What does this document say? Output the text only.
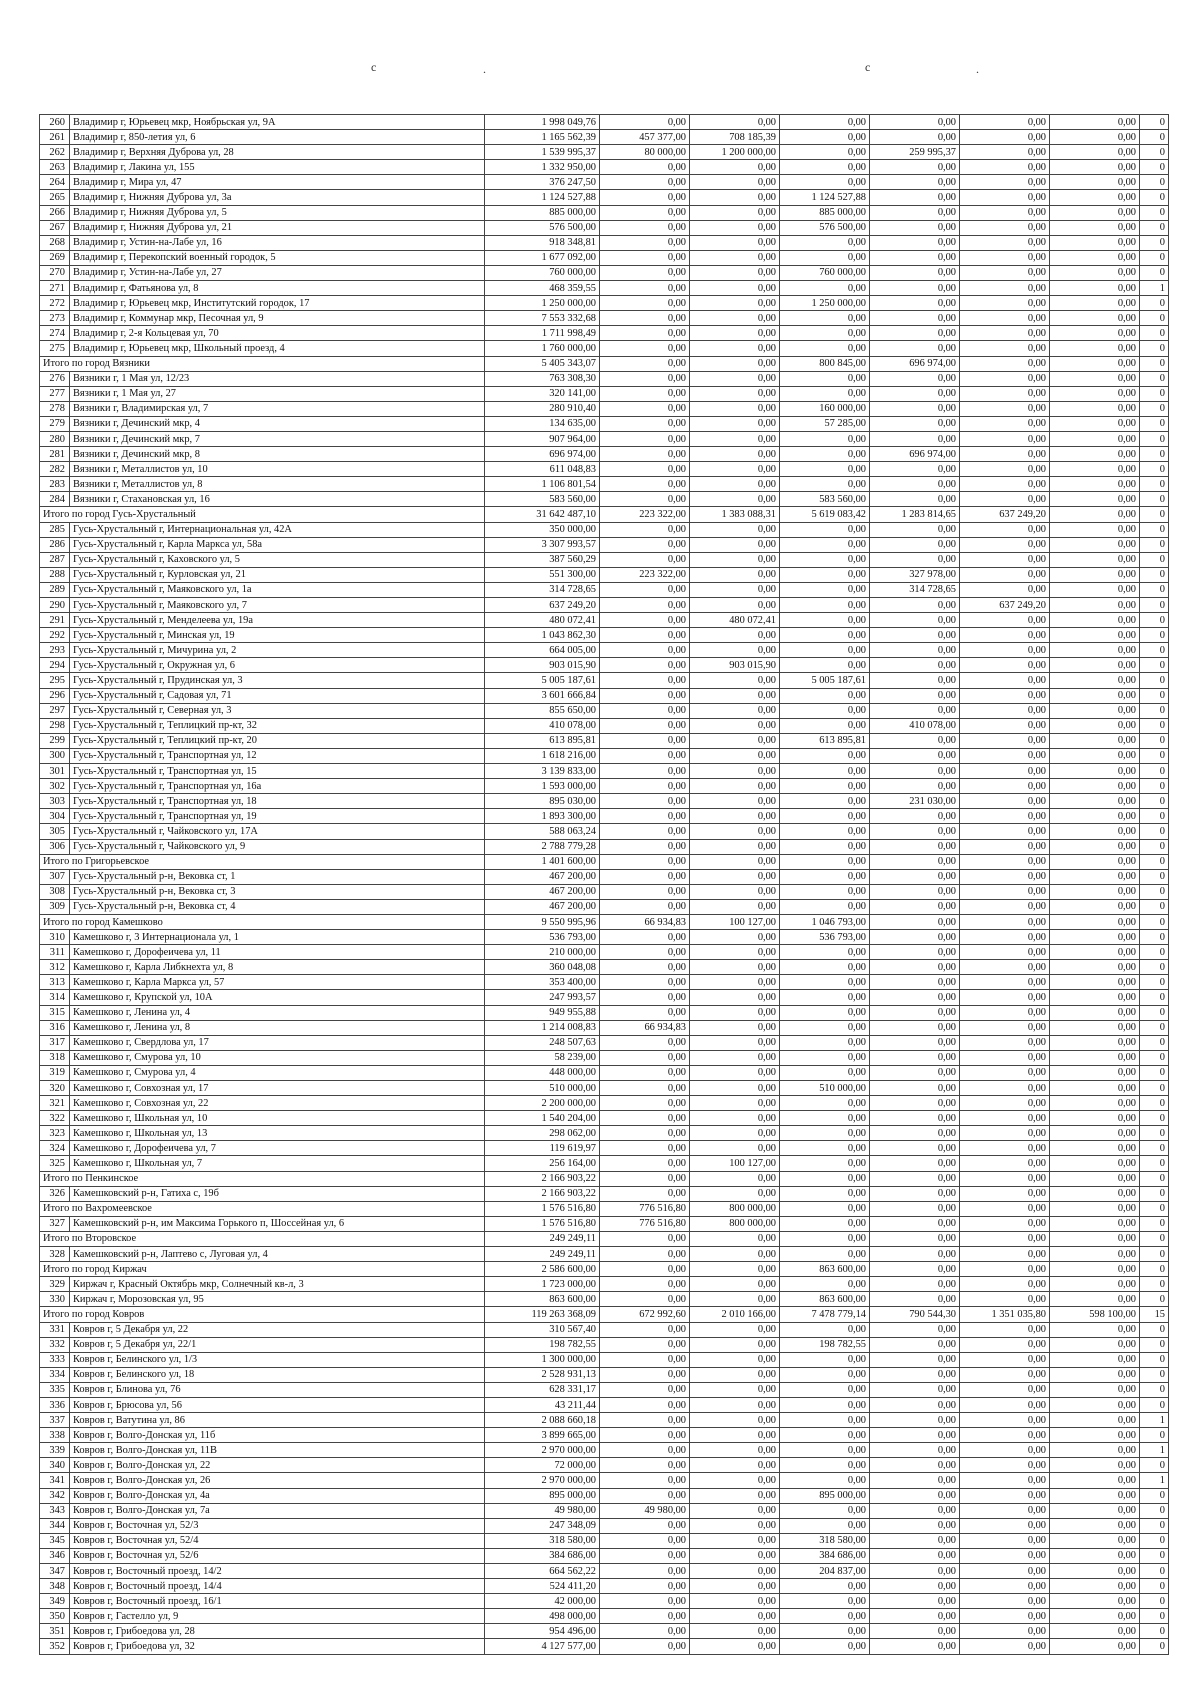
c	.	c	.
260	Владимир г, Юрьевец мкр, Ноябрьская ул, 9А	1 998 049,76	0,00	0,00	0,00	0,00	0,00	0,00	0
261	Владимир г, 850-летия ул, 6	1 165 562,39	457 377,00	708 185,39	0,00	0,00	0,00	0,00	0
262	Владимир г, Верхняя Дуброва ул, 28	1 539 995,37	80 000,00	1 200 000,00	0,00	259 995,37	0,00	0,00	0
263	Владимир г, Лакина ул, 155	1 332 950,00	0,00	0,00	0,00	0,00	0,00	0,00	0
264	Владимир г, Мира ул, 47	376 247,50	0,00	0,00	0,00	0,00	0,00	0,00	0
265	Владимир г, Нижняя Дуброва ул, 3а	1 124 527,88	0,00	0,00	1 124 527,88	0,00	0,00	0,00	0
266	Владимир г, Нижняя Дуброва ул, 5	885 000,00	0,00	0,00	885 000,00	0,00	0,00	0,00	0
267	Владимир г, Нижняя Дуброва ул, 21	576 500,00	0,00	0,00	576 500,00	0,00	0,00	0,00	0
268	Владимир г, Устин-на-Лабе ул, 16	918 348,81	0,00	0,00	0,00	0,00	0,00	0,00	0
269	Владимир г, Перекопский военный городок, 5	1 677 092,00	0,00	0,00	0,00	0,00	0,00	0,00	0
270	Владимир г, Устин-на-Лабе ул, 27	760 000,00	0,00	0,00	760 000,00	0,00	0,00	0,00	0
271	Владимир г, Фатьянова ул, 8	468 359,55	0,00	0,00	0,00	0,00	0,00	0,00	1
272	Владимир г, Юрьевец мкр, Институтский городок, 17	1 250 000,00	0,00	0,00	1 250 000,00	0,00	0,00	0,00	0
273	Владимир г, Коммунар мкр, Песочная ул, 9	7 553 332,68	0,00	0,00	0,00	0,00	0,00	0,00	0
274	Владимир г, 2-я Кольцевая ул, 70	1 711 998,49	0,00	0,00	0,00	0,00	0,00	0,00	0
275	Владимир г, Юрьевец мкр, Школьный проезд, 4	1 760 000,00	0,00	0,00	0,00	0,00	0,00	0,00	0
Итого по город Вязники		5 405 343,07	0,00	0,00	800 845,00	696 974,00	0,00	0,00	0
276	Вязники г, 1 Мая ул, 12/23	763 308,30	0,00	0,00	0,00	0,00	0,00	0,00	0
277	Вязники г, 1 Мая ул, 27	320 141,00	0,00	0,00	0,00	0,00	0,00	0,00	0
278	Вязники г, Владимирская ул, 7	280 910,40	0,00	0,00	160 000,00	0,00	0,00	0,00	0
279	Вязники г, Дечинский мкр, 4	134 635,00	0,00	0,00	57 285,00	0,00	0,00	0,00	0
280	Вязники г, Дечинский мкр, 7	907 964,00	0,00	0,00	0,00	0,00	0,00	0,00	0
281	Вязники г, Дечинский мкр, 8	696 974,00	0,00	0,00	0,00	696 974,00	0,00	0,00	0
282	Вязники г, Металлистов ул, 10	611 048,83	0,00	0,00	0,00	0,00	0,00	0,00	0
283	Вязники г, Металлистов ул, 8	1 106 801,54	0,00	0,00	0,00	0,00	0,00	0,00	0
284	Вязники г, Стахановская ул, 16	583 560,00	0,00	0,00	583 560,00	0,00	0,00	0,00	0
Итого по город Гусь-Хрустальный		31 642 487,10	223 322,00	1 383 088,31	5 619 083,42	1 283 814,65	637 249,20	0,00	0
285	Гусь-Хрустальный г, Интернациональная ул, 42А	350 000,00	0,00	0,00	0,00	0,00	0,00	0,00	0
286	Гусь-Хрустальный г, Карла Маркса ул, 58а	3 307 993,57	0,00	0,00	0,00	0,00	0,00	0,00	0
287	Гусь-Хрустальный г, Каховского ул, 5	387 560,29	0,00	0,00	0,00	0,00	0,00	0,00	0
288	Гусь-Хрустальный г, Курловская ул, 21	551 300,00	223 322,00	0,00	0,00	327 978,00	0,00	0,00	0
289	Гусь-Хрустальный г, Маяковского ул, 1а	314 728,65	0,00	0,00	0,00	314 728,65	0,00	0,00	0
290	Гусь-Хрустальный г, Маяковского ул, 7	637 249,20	0,00	0,00	0,00	0,00	637 249,20	0,00	0
291	Гусь-Хрустальный г, Менделеева ул, 19а	480 072,41	0,00	480 072,41	0,00	0,00	0,00	0,00	0
292	Гусь-Хрустальный г, Минская ул, 19	1 043 862,30	0,00	0,00	0,00	0,00	0,00	0,00	0
293	Гусь-Хрустальный г, Мичурина ул, 2	664 005,00	0,00	0,00	0,00	0,00	0,00	0,00	0
294	Гусь-Хрустальный г, Окружная ул, 6	903 015,90	0,00	903 015,90	0,00	0,00	0,00	0,00	0
295	Гусь-Хрустальный г, Прудинская ул, 3	5 005 187,61	0,00	0,00	5 005 187,61	0,00	0,00	0,00	0
296	Гусь-Хрустальный г, Садовая ул, 71	3 601 666,84	0,00	0,00	0,00	0,00	0,00	0,00	0
297	Гусь-Хрустальный г, Северная ул, 3	855 650,00	0,00	0,00	0,00	0,00	0,00	0,00	0
298	Гусь-Хрустальный г, Теплицкий пр-кт, 32	410 078,00	0,00	0,00	0,00	410 078,00	0,00	0,00	0
299	Гусь-Хрустальный г, Теплицкий пр-кт, 20	613 895,81	0,00	0,00	613 895,81	0,00	0,00	0,00	0
300	Гусь-Хрустальный г, Транспортная ул, 12	1 618 216,00	0,00	0,00	0,00	0,00	0,00	0,00	0
301	Гусь-Хрустальный г, Транспортная ул, 15	3 139 833,00	0,00	0,00	0,00	0,00	0,00	0,00	0
302	Гусь-Хрустальный г, Транспортная ул, 16а	1 593 000,00	0,00	0,00	0,00	0,00	0,00	0,00	0
303	Гусь-Хрустальный г, Транспортная ул, 18	895 030,00	0,00	0,00	0,00	231 030,00	0,00	0,00	0
304	Гусь-Хрустальный г, Транспортная ул, 19	1 893 300,00	0,00	0,00	0,00	0,00	0,00	0,00	0
305	Гусь-Хрустальный г, Чайковского ул, 17А	588 063,24	0,00	0,00	0,00	0,00	0,00	0,00	0
306	Гусь-Хрустальный г, Чайковского ул, 9	2 788 779,28	0,00	0,00	0,00	0,00	0,00	0,00	0
Итого по Григорьевское		1 401 600,00	0,00	0,00	0,00	0,00	0,00	0,00	0
307	Гусь-Хрустальный р-н, Вековка ст, 1	467 200,00	0,00	0,00	0,00	0,00	0,00	0,00	0
308	Гусь-Хрустальный р-н, Вековка ст, 3	467 200,00	0,00	0,00	0,00	0,00	0,00	0,00	0
309	Гусь-Хрустальный р-н, Вековка ст, 4	467 200,00	0,00	0,00	0,00	0,00	0,00	0,00	0
Итого по город Камешково		9 550 995,96	66 934,83	100 127,00	1 046 793,00	0,00	0,00	0,00	0
310	Камешково г, 3 Интернационала ул, 1	536 793,00	0,00	0,00	536 793,00	0,00	0,00	0,00	0
311	Камешково г, Дорофеичева ул, 11	210 000,00	0,00	0,00	0,00	0,00	0,00	0,00	0
312	Камешково г, Карла Либкнехта ул, 8	360 048,08	0,00	0,00	0,00	0,00	0,00	0,00	0
313	Камешково г, Карла Маркса ул, 57	353 400,00	0,00	0,00	0,00	0,00	0,00	0,00	0
314	Камешково г, Крупской ул, 10А	247 993,57	0,00	0,00	0,00	0,00	0,00	0,00	0
315	Камешково г, Ленина ул, 4	949 955,88	0,00	0,00	0,00	0,00	0,00	0,00	0
316	Камешково г, Ленина ул, 8	1 214 008,83	66 934,83	0,00	0,00	0,00	0,00	0,00	0
317	Камешково г, Свердлова ул, 17	248 507,63	0,00	0,00	0,00	0,00	0,00	0,00	0
318	Камешково г, Смурова ул, 10	58 239,00	0,00	0,00	0,00	0,00	0,00	0,00	0
319	Камешково г, Смурова ул, 4	448 000,00	0,00	0,00	0,00	0,00	0,00	0,00	0
320	Камешково г, Совхозная ул, 17	510 000,00	0,00	0,00	510 000,00	0,00	0,00	0,00	0
321	Камешково г, Совхозная ул, 22	2 200 000,00	0,00	0,00	0,00	0,00	0,00	0,00	0
322	Камешково г, Школьная ул, 10	1 540 204,00	0,00	0,00	0,00	0,00	0,00	0,00	0
323	Камешково г, Школьная ул, 13	298 062,00	0,00	0,00	0,00	0,00	0,00	0,00	0
324	Камешково г, Дорофеичева ул, 7	119 619,97	0,00	0,00	0,00	0,00	0,00	0,00	0
325	Камешково г, Школьная ул, 7	256 164,00	0,00	100 127,00	0,00	0,00	0,00	0,00	0
Итого по Пенкинское		2 166 903,22	0,00	0,00	0,00	0,00	0,00	0,00	0
326	Камешковский р-н, Гатиха с, 19б	2 166 903,22	0,00	0,00	0,00	0,00	0,00	0,00	0
Итого по Вахромеевское		1 576 516,80	776 516,80	800 000,00	0,00	0,00	0,00	0,00	0
327	Камешковский р-н, им Максима Горького п, Шоссейная ул, 6	1 576 516,80	776 516,80	800 000,00	0,00	0,00	0,00	0,00	0
Итого по Второвское		249 249,11	0,00	0,00	0,00	0,00	0,00	0,00	0
328	Камешковский р-н, Лаптево с, Луговая ул, 4	249 249,11	0,00	0,00	0,00	0,00	0,00	0,00	0
Итого по город Киржач		2 586 600,00	0,00	0,00	863 600,00	0,00	0,00	0,00	0
329	Киржач г, Красный Октябрь мкр, Солнечный кв-л, 3	1 723 000,00	0,00	0,00	0,00	0,00	0,00	0,00	0
330	Киржач г, Морозовская ул, 95	863 600,00	0,00	0,00	863 600,00	0,00	0,00	0,00	0
Итого по город Ковров		119 263 368,09	672 992,60	2 010 166,00	7 478 779,14	790 544,30	1 351 035,80	598 100,00	15
331	Ковров г, 5 Декабря ул, 22	310 567,40	0,00	0,00	0,00	0,00	0,00	0,00	0
332	Ковров г, 5 Декабря ул, 22/1	198 782,55	0,00	0,00	198 782,55	0,00	0,00	0,00	0
333	Ковров г, Белинского ул, 1/3	1 300 000,00	0,00	0,00	0,00	0,00	0,00	0,00	0
334	Ковров г, Белинского ул, 18	2 528 931,13	0,00	0,00	0,00	0,00	0,00	0,00	0
335	Ковров г, Блинова ул, 76	628 331,17	0,00	0,00	0,00	0,00	0,00	0,00	0
336	Ковров г, Брюсова ул, 56	43 211,44	0,00	0,00	0,00	0,00	0,00	0,00	0
337	Ковров г, Ватутина ул, 86	2 088 660,18	0,00	0,00	0,00	0,00	0,00	0,00	1
338	Ковров г, Волго-Донская ул, 11б	3 899 665,00	0,00	0,00	0,00	0,00	0,00	0,00	0
339	Ковров г, Волго-Донская ул, 11В	2 970 000,00	0,00	0,00	0,00	0,00	0,00	0,00	1
340	Ковров г, Волго-Донская ул, 22	72 000,00	0,00	0,00	0,00	0,00	0,00	0,00	0
341	Ковров г, Волго-Донская ул, 26	2 970 000,00	0,00	0,00	0,00	0,00	0,00	0,00	1
342	Ковров г, Волго-Донская ул, 4а	895 000,00	0,00	0,00	895 000,00	0,00	0,00	0,00	0
343	Ковров г, Волго-Донская ул, 7а	49 980,00	49 980,00	0,00	0,00	0,00	0,00	0,00	0
344	Ковров г, Восточная ул, 52/3	247 348,09	0,00	0,00	0,00	0,00	0,00	0,00	0
345	Ковров г, Восточная ул, 52/4	318 580,00	0,00	0,00	318 580,00	0,00	0,00	0,00	0
346	Ковров г, Восточная ул, 52/6	384 686,00	0,00	0,00	384 686,00	0,00	0,00	0,00	0
347	Ковров г, Восточный проезд, 14/2	664 562,22	0,00	0,00	204 837,00	0,00	0,00	0,00	0
348	Ковров г, Восточный проезд, 14/4	524 411,20	0,00	0,00	0,00	0,00	0,00	0,00	0
349	Ковров г, Восточный проезд, 16/1	42 000,00	0,00	0,00	0,00	0,00	0,00	0,00	0
350	Ковров г, Гастелло ул, 9	498 000,00	0,00	0,00	0,00	0,00	0,00	0,00	0
351	Ковров г, Грибоедова ул, 28	954 496,00	0,00	0,00	0,00	0,00	0,00	0,00	0
352	Ковров г, Грибоедова ул, 32	4 127 577,00	0,00	0,00	0,00	0,00	0,00	0,00	0
